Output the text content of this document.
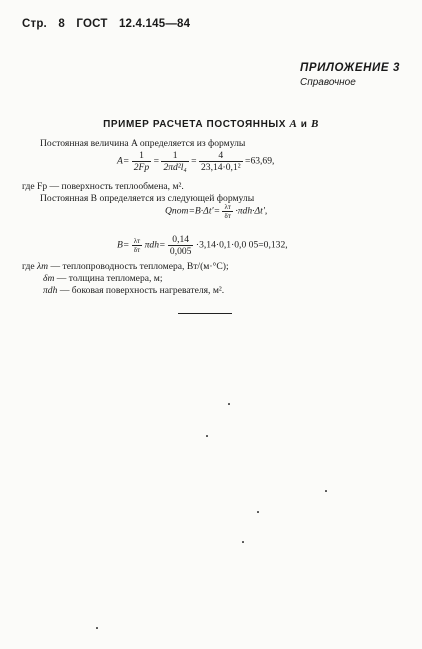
Стр. 8 ГОСТ 12.4.145—84
ПРИЛОЖЕНИЕ 3
Справочное
ПРИМЕР РАСЧЕТА ПОСТОЯННЫХ A и B
Постоянная величина A определяется из формулы
$A= \frac{1}{2Fp} = \frac{1}{\text{2πd²l₄}} = \frac{4}{\text{23,14·0,1²}} =63,69$,
где Fp — поверхность теплообмена, м².
Постоянная B определяется из следующей формулы
Qпот=B·Δt′= $\frac{\lambda т}{\delta т} \cdot\pi dh\cdot\Delta t'$,
$B= \frac{\lambda т}{\delta т} \pi dh= \frac{0,14}{0,005} \cdot 3,14\cdot 0,1\cdot 0,0$ 05=0,132,
где λт — теплопроводность тепломера, Вт/(м·°С);
δт — толщина тепломера, м;
πdh — боковая поверхность нагревателя, м².
